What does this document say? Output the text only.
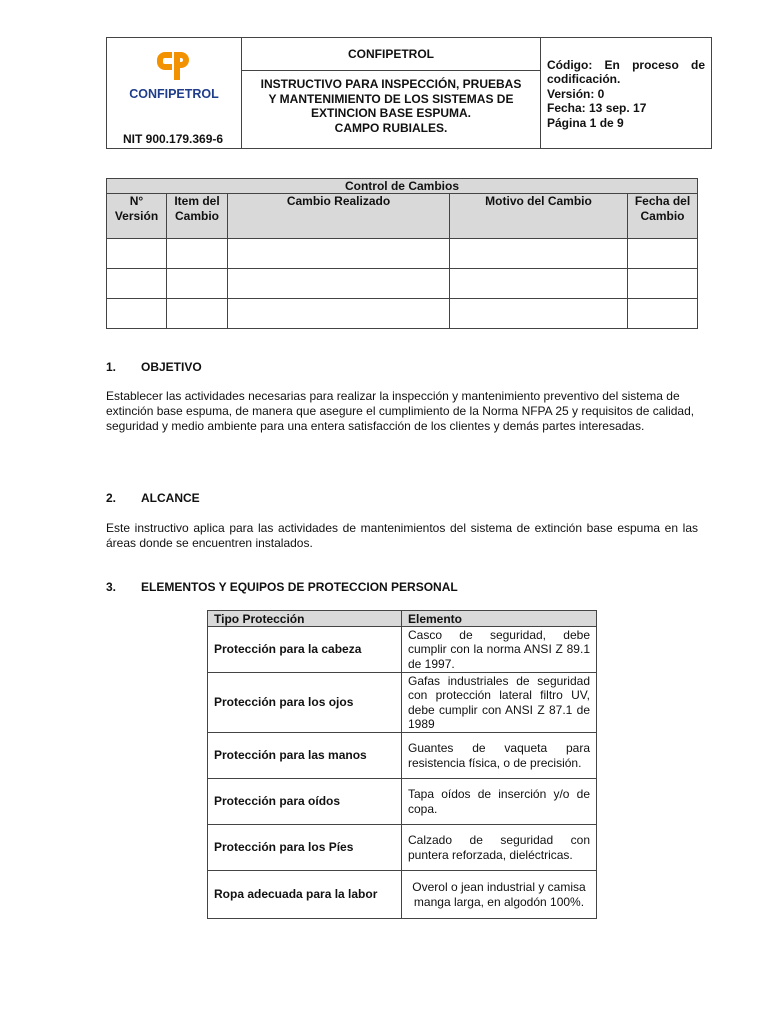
CONFIPETROL
NIT 900.179.369-6

CONFIPETROL
INSTRUCTIVO PARA INSPECCIÓN, PRUEBAS
Y MANTENIMIENTO DE LOS SISTEMAS DE
EXTINCION BASE ESPUMA.
CAMPO RUBIALES.

Código: En proceso de codificación.
Versión: 0
Fecha: 13 sep. 17
Página 1 de 9
Control de Cambios				
N° Versión	Item del Cambio	Cambio Realizado	Motivo del Cambio	Fecha del Cambio

1. OBJETIVO
Establecer las actividades necesarias para realizar la inspección y mantenimiento preventivo del sistema de extinción base espuma, de manera que asegure el cumplimiento de la Norma NFPA 25 y requisitos de calidad, seguridad y medio ambiente para una entera satisfacción de los clientes y demás partes interesadas.
2. ALCANCE
Este instructivo aplica para las actividades de mantenimientos del sistema de extinción base espuma en las áreas donde se encuentren instalados.
3. ELEMENTOS Y EQUIPOS DE PROTECCION PERSONAL
Tipo Protección	Elemento
Protección para la cabeza	Casco de seguridad, debe cumplir con la norma ANSI Z 89.1 de 1997.
Protección para los ojos	Gafas industriales de seguridad con protección lateral filtro UV, debe cumplir con ANSI Z 87.1 de 1989
Protección para las manos	Guantes de vaqueta para resistencia física, o de precisión.
Protección para oídos	Tapa oídos de inserción y/o de copa.
Protección para los Píes	Calzado de seguridad con puntera reforzada, dieléctricas.
Ropa adecuada para la labor	Overol o jean industrial y camisa manga larga, en algodón 100%.
